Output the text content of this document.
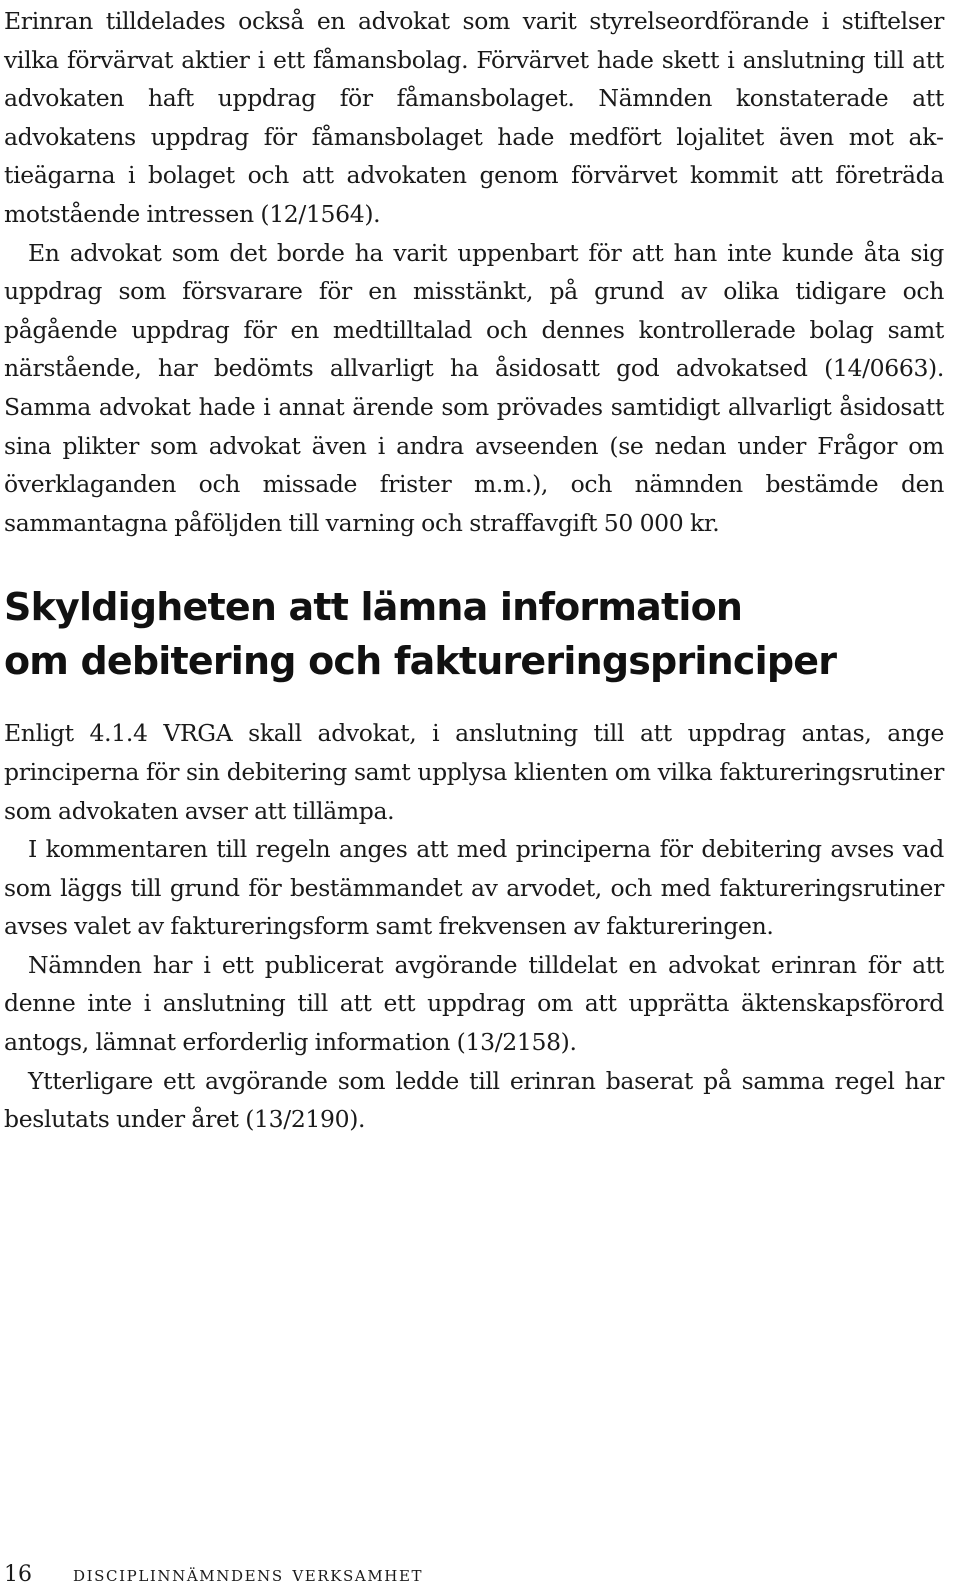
Erinran tilldelades också en advokat som varit styrelseordförande i stiftelser vilka förvärvat aktier i ett fåmansbolag. Förvärvet hade skett i anslutning till att advokaten haft uppdrag för fåmansbolaget. Nämnden konstaterade att advokatens uppdrag för fåmansbolaget hade medfört lojalitet även mot aktieägarna i bolaget och att advokaten genom förvärvet kommit att företräda motstående intressen (12/1564).

En advokat som det borde ha varit uppenbart för att han inte kunde åta sig uppdrag som försvarare för en misstänkt, på grund av olika tidigare och pågående uppdrag för en medtilltalad och dennes kontrollerade bolag samt närstående, har bedömts allvarligt ha åsidosatt god advokatsed (14/0663). Samma advokat hade i annat ärende som prövades samtidigt allvarligt åsidosatt sina plikter som advokat även i andra avseenden (se nedan under Frågor om överklaganden och missade frister m.m.), och nämnden bestämde den sammantagna påföljden till varning och straffavgift 50 000 kr.

Skyldigheten att lämna information
om debitering och faktureringsprinciper

Enligt 4.1.4 VRGA skall advokat, i anslutning till att uppdrag antas, ange principerna för sin debitering samt upplysa klienten om vilka faktureringsrutiner som advokaten avser att tillämpa.

I kommentaren till regeln anges att med principerna för debitering avses vad som läggs till grund för bestämmandet av arvodet, och med faktureringsrutiner avses valet av faktureringsform samt frekvensen av faktureringen.

Nämnden har i ett publicerat avgörande tilldelat en advokat erinran för att denne inte i anslutning till att ett uppdrag om att upprätta äktenskapsförord antogs, lämnat erforderlig information (13/2158).

Ytterligare ett avgörande som ledde till erinran baserat på samma regel har beslutats under året (13/2190).

16 disciplinnämndens verksamhet
